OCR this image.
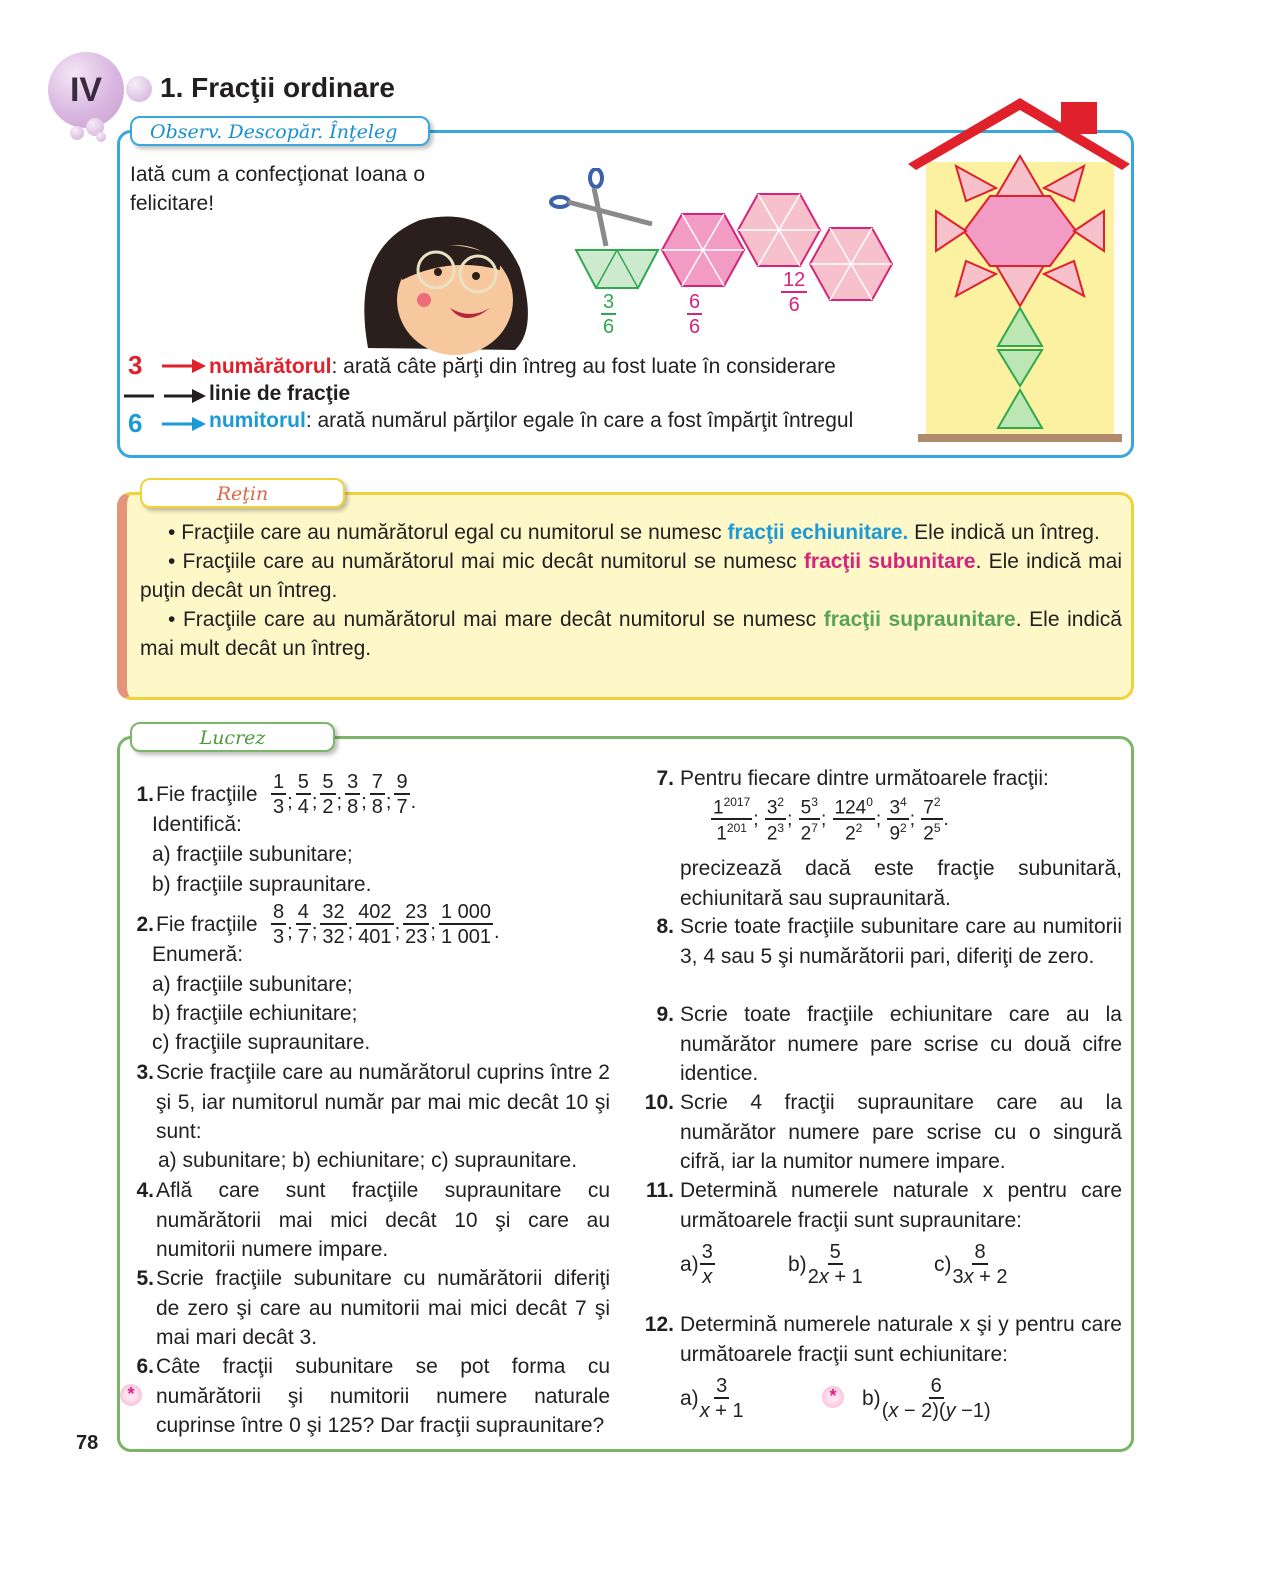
IV 1. Fracţii ordinare
Observ. Descopăr. Înţeleg
Iată cum a confecţionat Ioana o felicitare!
$\frac{3}{6}$	$\frac{6}{6}$	$\frac{12}{6}$
3	numărătorul: arată câte părţi din întreg au fost luate în considerare
linie de fracţie
6	numitorul: arată numărul părţilor egale în care a fost împărţit întregul
Reţin

• Fracţiile care au numărătorul egal cu numitorul se numesc fracţii echiunitare. Ele indică un întreg.

• Fracţiile care au numărătorul mai mic decât numitorul se numesc fracţii subunitare. Ele indică mai puţin decât un întreg.

• Fracţiile care au numărătorul mai mare decât numitorul se numesc fracţii supraunitare. Ele indică mai mult decât un întreg.

Lucrez
1. Fie fracţiile $\frac{1}{3}$ ; $\frac{5}{4}$ ; $\frac{5}{2}$ ; $\frac{3}{8}$ ; $\frac{7}{8}$ ; $\frac{9}{7}$ .
Identifică:
a) fracţiile subunitare;
b) fracţiile supraunitare.
2. Fie fracţiile $\frac{8}{3}$ ; $\frac{4}{7}$ ; $\frac{32}{32}$ ; $\frac{402}{401}$ ; $\frac{23}{23}$ ; $\frac{1 000}{1 001}$ .
Enumeră:
a) fracţiile subunitare;
b) fracţiile echiunitare;
c) fracţiile supraunitare.
3. Scrie fracţiile care au numărătorul cuprins între 2 şi 5, iar numitorul număr par mai mic decât 10 şi sunt:
a) subunitare; b) echiunitare; c) supraunitare.
4. Află care sunt fracţiile supraunitare cu numărătorii mai mici decât 10 şi care au numitorii numere impare.
5. Scrie fracţiile subunitare cu numărătorii diferiţi de zero şi care au numitorii mai mici decât 7 şi mai mari decât 3.
6. Câte fracţii subunitare se pot forma cu numărătorii şi numitorii numere naturale cuprinse între 0 şi 125? Dar fracţii supraunitare?
*
7. Pentru fiecare dintre următoarele fracţii:
$\frac{1^{2017}}{1^{201}}$ ; $\frac{3^2}{2^3}$ ; $\frac{5^3}{2^7}$ ; $\frac{124^0}{2^2}$ ; $\frac{3^4}{9^2}$ ; $\frac{7^2}{2^5}$ .
precizează dacă este fracţie subunitară, echiunitară sau supraunitară.
8. Scrie toate fracţiile subunitare care au numitorii 3, 4 sau 5 şi numărătorii pari, diferiţi de zero.
9. Scrie toate fracţiile echiunitare care au la numărător numere pare scrise cu două cifre identice.
10. Scrie 4 fracţii supraunitare care au la numărător numere pare scrise cu o singură cifră, iar la numitor numere impare.
11. Determină numerele naturale x pentru care următoarele fracţii sunt supraunitare:
$a) \frac{3}{x}$	$b) \frac{5}{2x + 1}$	$c) \frac{8}{3x + 2}$
12. Determină numerele naturale x şi y pentru care următoarele fracţii sunt echiunitare:
$a) \frac{3}{x + 1}$	*	$b) \frac{6}{(x - 2)(y -1)}$
78
